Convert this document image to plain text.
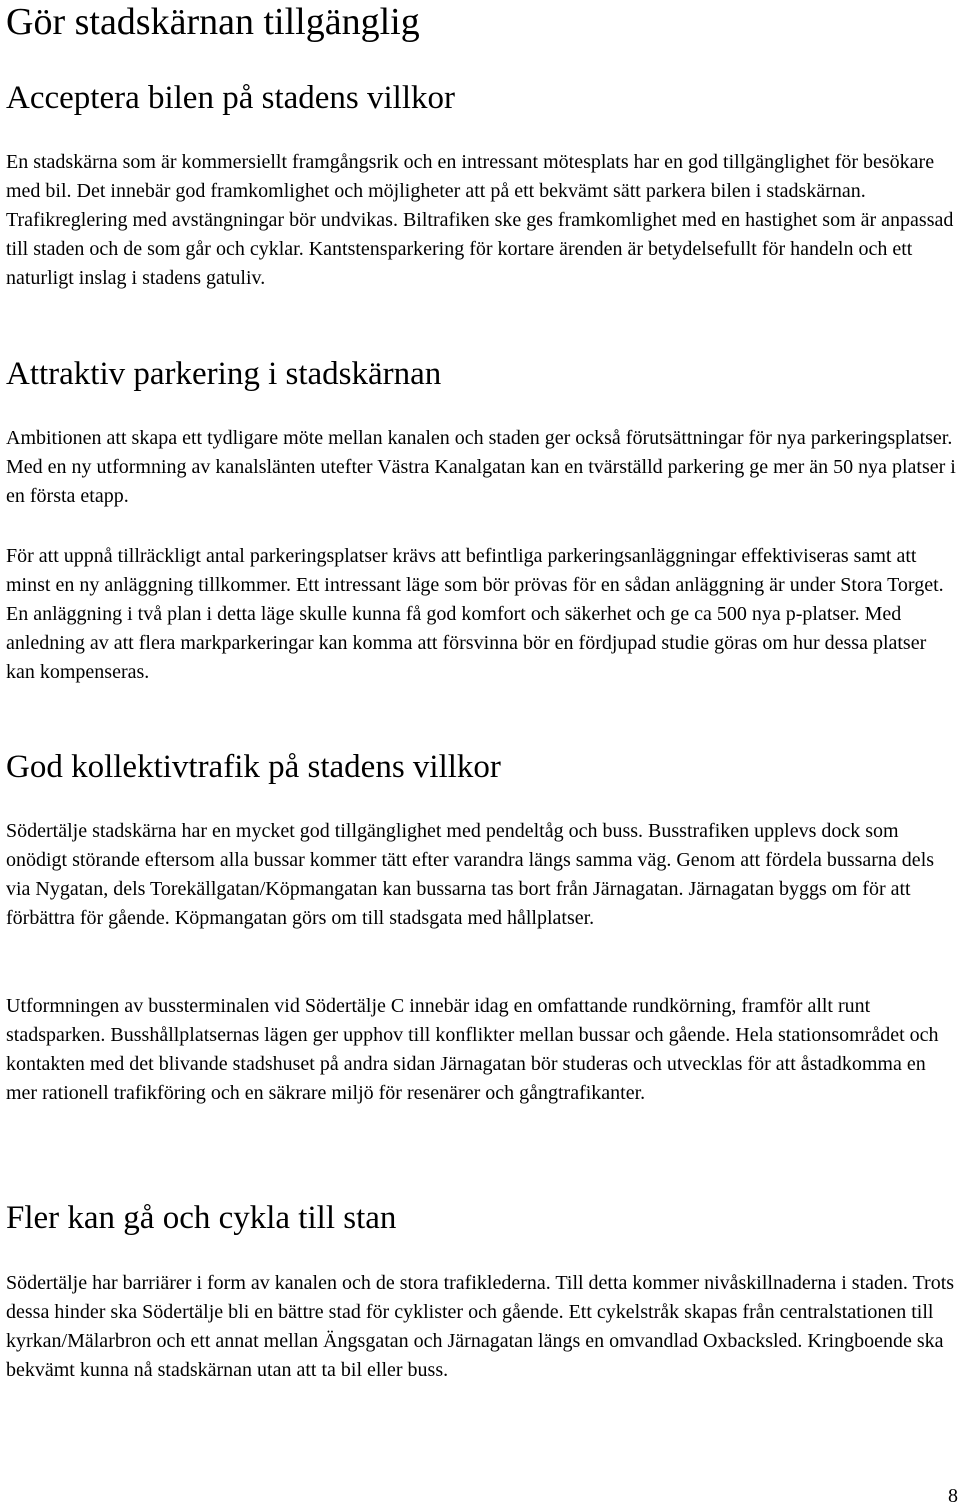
Gör stadskärnan tillgänglig
Acceptera bilen på stadens villkor

En stadskärna som är kommersiellt framgångsrik och en intressant mötesplats har en god tillgänglighet för besökare med bil. Det innebär god framkomlighet och möjligheter att på ett bekvämt sätt parkera bilen i stadskärnan. Trafikreglering med avstängningar bör undvikas. Biltrafiken ske ges framkomlighet med en hastighet som är anpassad till staden och de som går och cyklar. Kantstensparkering för kortare ärenden är betydelsefullt för handeln och ett naturligt inslag i stadens gatuliv.

Attraktiv parkering i stadskärnan

Ambitionen att skapa ett tydligare möte mellan kanalen och staden ger också förutsättningar för nya parkeringsplatser. Med en ny utformning av kanalslänten utefter Västra Kanalgatan kan en tvärställd parkering ge mer än 50 nya platser i en första etapp.

För att uppnå tillräckligt antal parkeringsplatser krävs att befintliga parkeringsanläggningar effektiviseras samt att minst en ny anläggning tillkommer. Ett intressant läge som bör prövas för en sådan anläggning är under Stora Torget. En anläggning i två plan i detta läge skulle kunna få god komfort och säkerhet och ge ca 500 nya p-platser. Med anledning av att flera markparkeringar kan komma att försvinna bör en fördjupad studie göras om hur dessa platser kan kompenseras.

God kollektivtrafik på stadens villkor

Södertälje stadskärna har en mycket god tillgänglighet med pendeltåg och buss. Busstrafiken upplevs dock som onödigt störande eftersom alla bussar kommer tätt efter varandra längs samma väg. Genom att fördela bussarna dels via Nygatan, dels Torekällgatan/Köpmangatan kan bussarna tas bort från Järnagatan. Järnagatan byggs om för att förbättra för gående. Köpmangatan görs om till stadsgata med hållplatser.

Utformningen av bussterminalen vid Södertälje C innebär idag en omfattande rundkörning, framför allt runt stadsparken. Busshållplatsernas lägen ger upphov till konflikter mellan bussar och gående. Hela stationsområdet och kontakten med det blivande stadshuset på andra sidan Järnagatan bör studeras och utvecklas för att åstadkomma en mer rationell trafikföring och en säkrare miljö för resenärer och gångtrafikanter.

Fler kan gå och cykla till stan

Södertälje har barriärer i form av kanalen och de stora trafiklederna. Till detta kommer nivåskillnaderna i staden. Trots dessa hinder ska Södertälje bli en bättre stad för cyklister och gående. Ett cykelstråk skapas från centralstationen till kyrkan/Mälarbron och ett annat mellan Ängsgatan och Järnagatan längs en omvandlad Oxbacksled. Kringboende ska bekvämt kunna nå stadskärnan utan att ta bil eller buss.

8
